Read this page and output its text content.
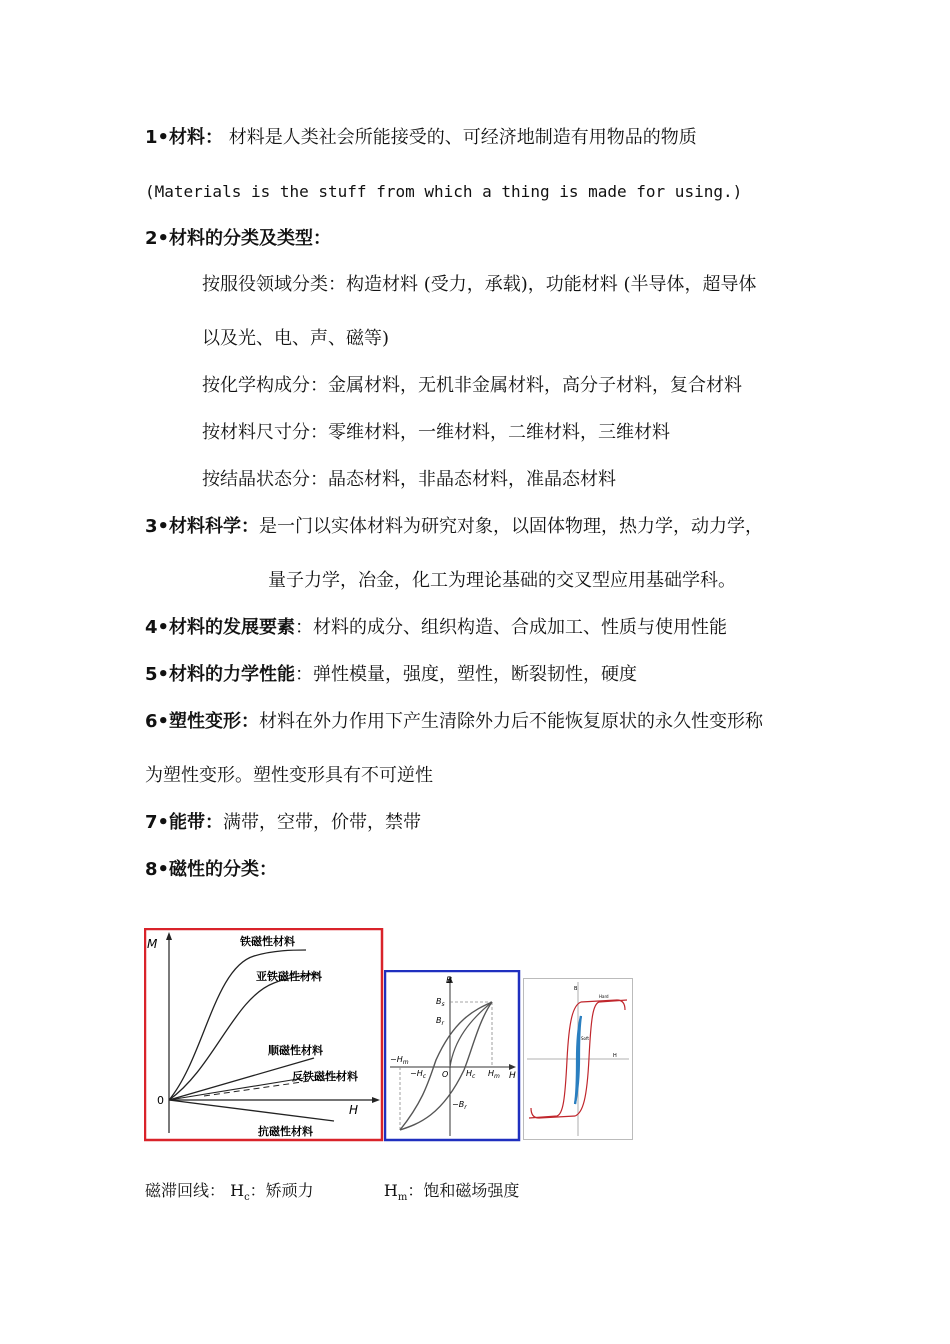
1•材料： 材料是人类社会所能接受的、可经济地制造有用物品的物质
(Materials is the stuff from which a thing is made for using.)
2•材料的分类及类型：
按服役领域分类：构造材料 (受力，承载)，功能材料 (半导体，超导体
以及光、电、声、磁等)
按化学构成分：金属材料，无机非金属材料，高分子材料，复合材料
按材料尺寸分：零维材料，一维材料，二维材料，三维材料
按结晶状态分：晶态材料，非晶态材料，准晶态材料
3•材料科学：是一门以实体材料为研究对象，以固体物理，热力学，动力学，
量子力学，冶金，化工为理论基础的交叉型应用基础学科。
4•材料的发展要素：材料的成分、组织构造、合成加工、性质与使用性能
5•材料的力学性能：弹性模量，强度，塑性，断裂韧性，硬度
6•塑性变形：材料在外力作用下产生清除外力后不能恢复原状的永久性变形称
为塑性变形。塑性变形具有不可逆性
7•能带：满带，空带，价带，禁带
8•磁性的分类：
M
H
0
铁磁性材料
亚铁磁性材料
顺磁性材料
反铁磁性材料
抗磁性材料
B
H
O
$B_s$
$B_r$
$-B_r$
$-H_m$
$-H_c$	$H_c$ $H_m$
B
H
Hard
Soft
磁滞回线： $H_c$：矫顽力	$H_m$：饱和磁场强度
